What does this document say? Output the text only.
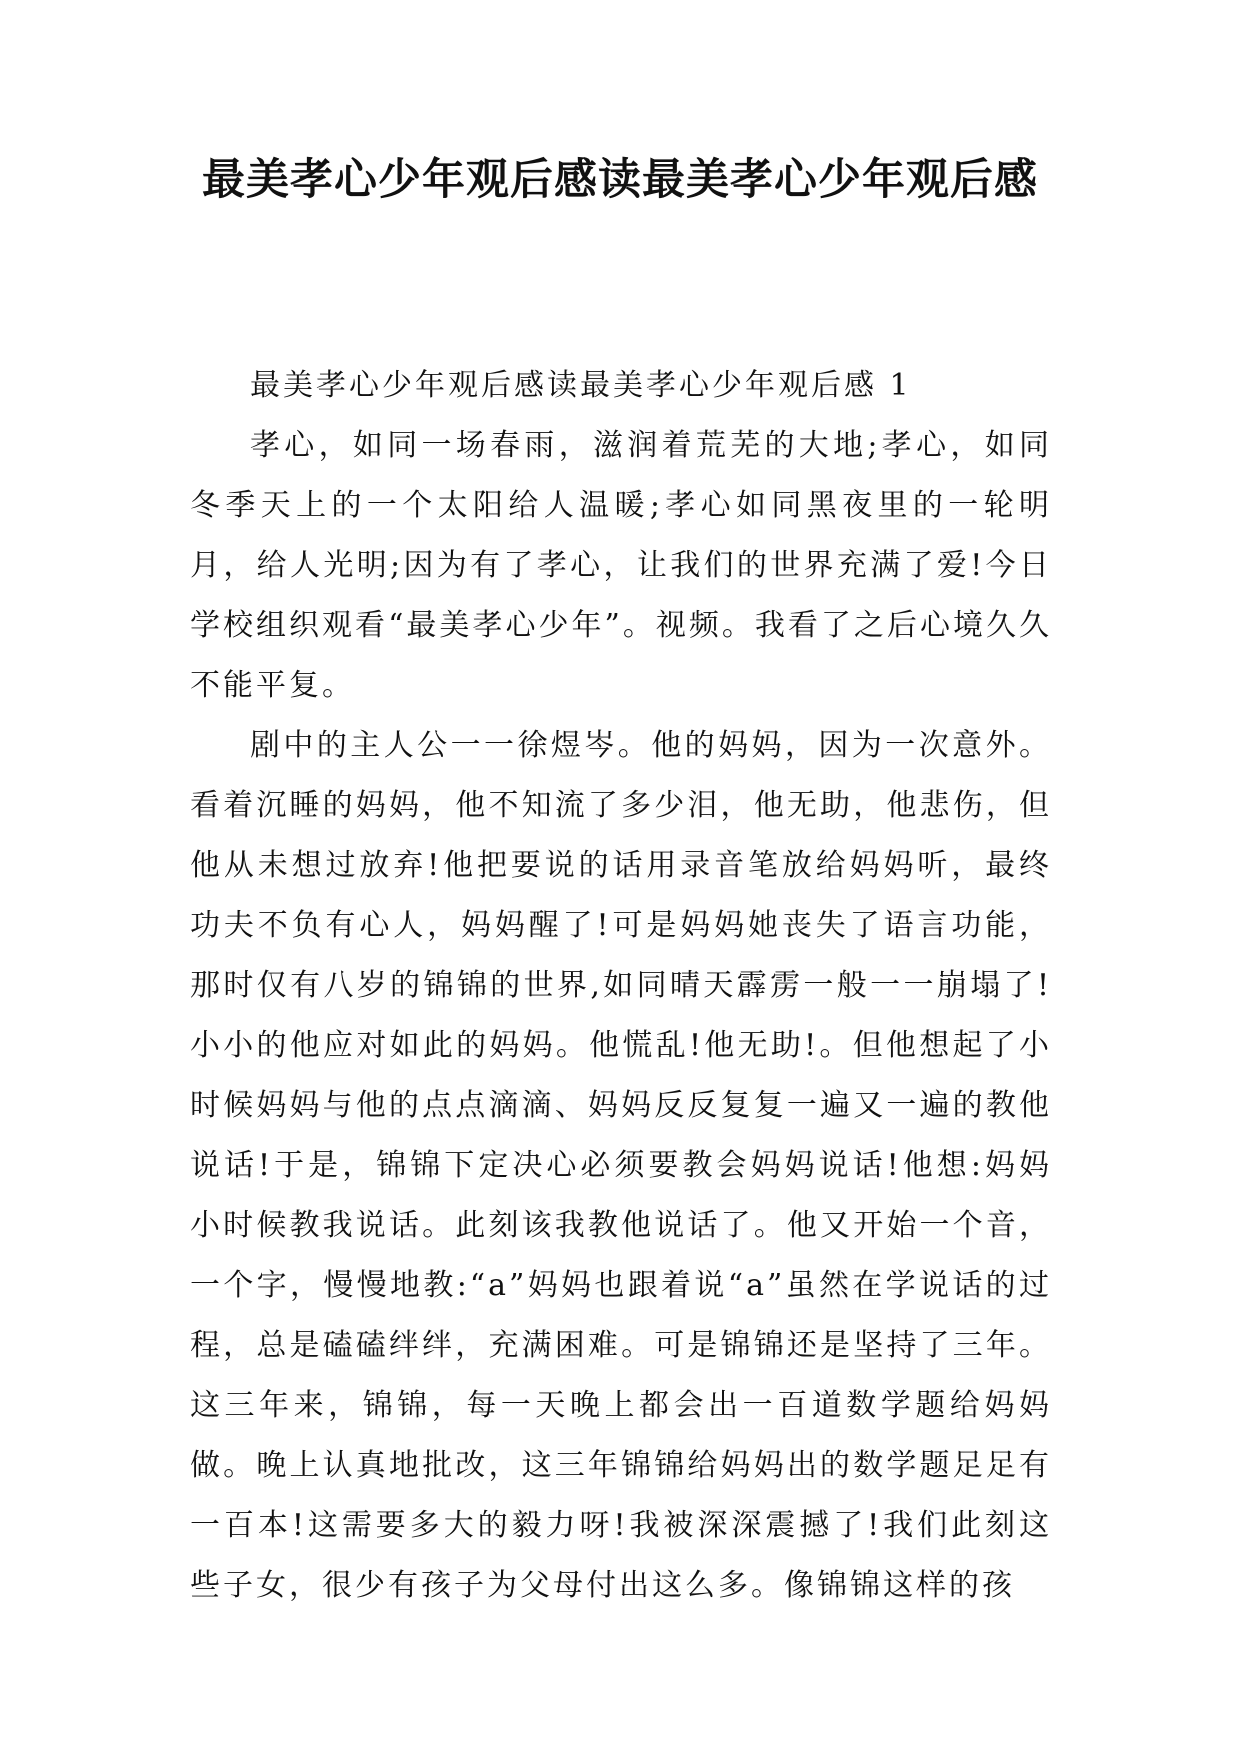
最美孝心少年观后感读最美孝心少年观后感

最美孝心少年观后感读最美孝心少年观后感 1

孝心，如同一场春雨，滋润着荒芜的大地;孝心，如同冬季天上的一个太阳给人温暖;孝心如同黑夜里的一轮明月，给人光明;因为有了孝心，让我们的世界充满了爱!今日学校组织观看“最美孝心少年”。视频。我看了之后心境久久不能平复。

剧中的主人公一一徐煜岑。他的妈妈，因为一次意外。看着沉睡的妈妈，他不知流了多少泪，他无助，他悲伤，但他从未想过放弃!他把要说的话用录音笔放给妈妈听，最终功夫不负有心人，妈妈醒了!可是妈妈她丧失了语言功能，那时仅有八岁的锦锦的世界,如同晴天霹雳一般一一崩塌了!小小的他应对如此的妈妈。他慌乱!他无助!。但他想起了小时候妈妈与他的点点滴滴、妈妈反反复复一遍又一遍的教他说话!于是，锦锦下定决心必须要教会妈妈说话!他想:妈妈小时候教我说话。此刻该我教他说话了。他又开始一个音，一个字，慢慢地教:“a”妈妈也跟着说“a”虽然在学说话的过程，总是磕磕绊绊，充满困难。可是锦锦还是坚持了三年。这三年来，锦锦，每一天晚上都会出一百道数学题给妈妈做。晚上认真地批改，这三年锦锦给妈妈出的数学题足足有一百本!这需要多大的毅力呀!我被深深震撼了!我们此刻这些子女，很少有孩子为父母付出这么多。像锦锦这样的孩
